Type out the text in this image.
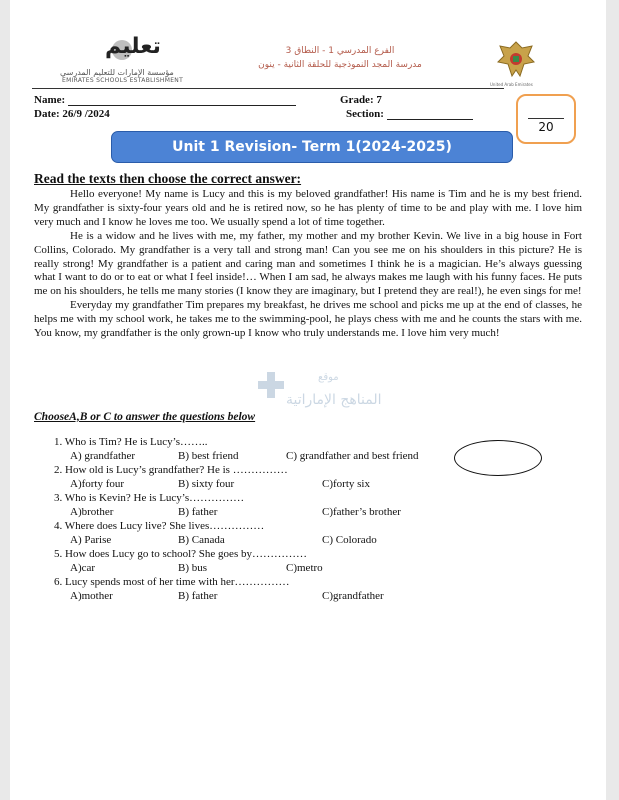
تعليم
مؤسسة الإمارات للتعليم المدرسي
EMIRATES SCHOOLS ESTABLISHMENT
الفرع المدرسي 1 - النطاق 3
مدرسة المجد النموذجية للحلقة الثانية - ينون
United Arab Emirates
Name:
Date: 26/9 /2024
Grade: 7
Section:
20
Unit 1 Revision- Term 1(2024-2025)
Read the texts then choose the correct answer:

Hello everyone! My name is Lucy and this is my beloved grandfather! His name is Tim and he is my best friend. My grandfather is sixty-four years old and he is retired now, so he has plenty of time to be and play with me. I love him very much and I know he loves me too. We usually spend a lot of time together.

He is a widow and he lives with me, my father, my mother and my brother Kevin. We live in a big house in Fort Collins, Colorado. My grandfather is a very tall and strong man! Can you see me on his shoulders in this picture? He is really strong! My grandfather is a patient and caring man and sometimes I think he is a magician. He’s always guessing what I want to do or to eat or what I feel inside!… When I am sad, he always makes me laugh with his funny faces. He puts me on his shoulders, he tells me many stories (I know they are imaginary, but I pretend they are real!), he even sings for me!

Everyday my grandfather Tim prepares my breakfast, he drives me school and picks me up at the end of classes, he helps me with my school work, he takes me to the swimming-pool, he plays chess with me and he counts the stars with me. You know, my grandfather is the only grown-up I know who truly understands me. I love him very much!

موقع
المناهج الإماراتية
ChooseA,B or C to answer the questions below
1. Who is Tim? He is Lucy’s……..
A) grandfather	B) best friend	C) grandfather and best friend
2. How old is Lucy’s grandfather? He is ……………
A)forty four	B) sixty four	C)forty six
3. Who is Kevin? He is Lucy’s……………
A)brother	B) father	C)father’s brother
4. Where does Lucy live? She lives……………
A) Parise	B) Canada	C) Colorado
5. How does Lucy go to school? She goes by……………
A)car	B) bus	C)metro
6. Lucy spends most of her time with her……………
A)mother	B) father	C)grandfather
